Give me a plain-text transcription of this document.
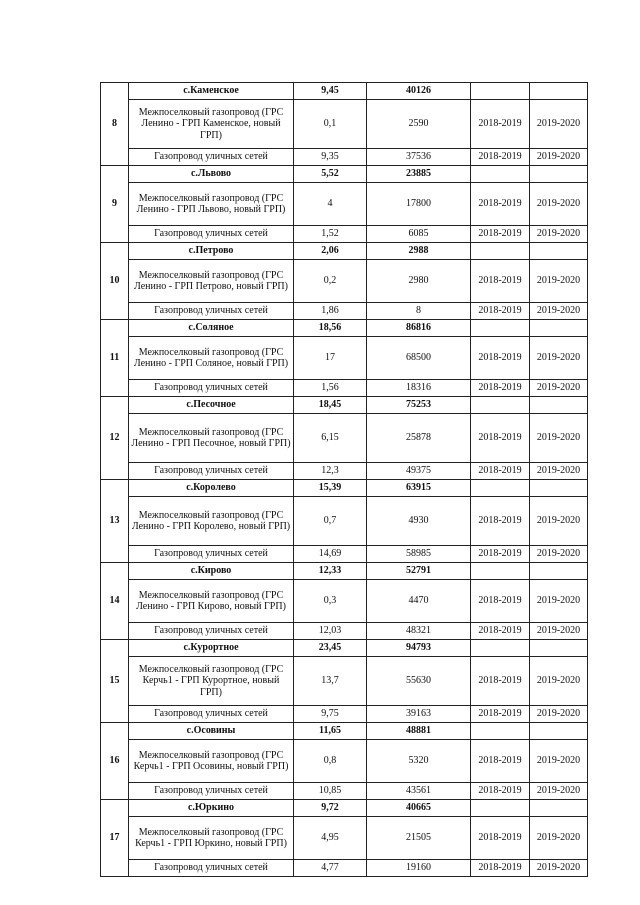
8	с.Каменское	9,45	40126		
	Межпоселковый газопровод (ГРС Ленино - ГРП Каменское, новый ГРП)	0,1	2590	2018-2019	2019-2020
	Газопровод уличных сетей	9,35	37536	2018-2019	2019-2020
9	с.Львово	5,52	23885		
	Межпоселковый газопровод (ГРС Ленино - ГРП Львово, новый ГРП)	4	17800	2018-2019	2019-2020
	Газопровод уличных сетей	1,52	6085	2018-2019	2019-2020
10	с.Петрово	2,06	2988		
	Межпоселковый газопровод (ГРС Ленино - ГРП Петрово, новый ГРП)	0,2	2980	2018-2019	2019-2020
	Газопровод уличных сетей	1,86	8	2018-2019	2019-2020
11	с.Соляное	18,56	86816		
	Межпоселковый газопровод (ГРС Ленино - ГРП Соляное, новый ГРП)	17	68500	2018-2019	2019-2020
	Газопровод уличных сетей	1,56	18316	2018-2019	2019-2020
12	с.Песочное	18,45	75253		
	Межпоселковый газопровод (ГРС Ленино - ГРП Песочное, новый ГРП)	6,15	25878	2018-2019	2019-2020
	Газопровод уличных сетей	12,3	49375	2018-2019	2019-2020
13	с.Королево	15,39	63915		
	Межпоселковый газопровод (ГРС Ленино - ГРП Королево, новый ГРП)	0,7	4930	2018-2019	2019-2020
	Газопровод уличных сетей	14,69	58985	2018-2019	2019-2020
14	с.Кирово	12,33	52791		
	Межпоселковый газопровод (ГРС Ленино - ГРП Кирово, новый ГРП)	0,3	4470	2018-2019	2019-2020
	Газопровод уличных сетей	12,03	48321	2018-2019	2019-2020
15	с.Курортное	23,45	94793		
	Межпоселковый газопровод (ГРС Керчь1 - ГРП Курортное, новый ГРП)	13,7	55630	2018-2019	2019-2020
	Газопровод уличных сетей	9,75	39163	2018-2019	2019-2020
16	с.Осовины	11,65	48881		
	Межпоселковый газопровод (ГРС Керчь1 - ГРП Осовины, новый ГРП)	0,8	5320	2018-2019	2019-2020
	Газопровод уличных сетей	10,85	43561	2018-2019	2019-2020
17	с.Юркино	9,72	40665		
	Межпоселковый газопровод (ГРС Керчь1 - ГРП Юркино, новый ГРП)	4,95	21505	2018-2019	2019-2020
	Газопровод уличных сетей	4,77	19160	2018-2019	2019-2020
